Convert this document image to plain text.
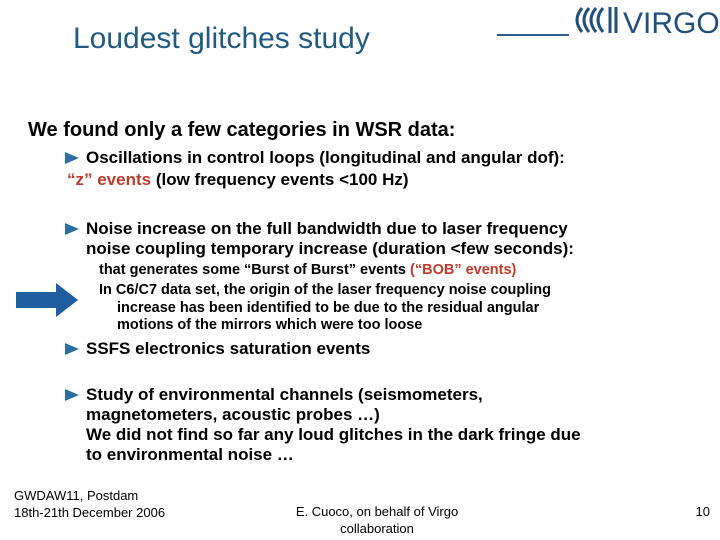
Loudest glitches study	VIRGO
We found only a few categories in WSR data:
Oscillations in control loops (longitudinal and angular dof):
“z” events (low frequency events <100 Hz)
Noise increase on the full bandwidth due to laser frequency
noise coupling temporary increase (duration <few seconds):
that generates some “Burst of Burst” events (“BOB” events)
In C6/C7 data set, the origin of the laser frequency noise coupling
increase has been identified to be due to the residual angular
motions of the mirrors which were too loose
SSFS electronics saturation events
Study of environmental channels (seismometers,
magnetometers, acoustic probes …)
We did not find so far any loud glitches in the dark fringe due
to environmental noise …
GWDAW11, Postdam
18th-21th December 2006	E. Cuoco, on behalf of Virgo
collaboration
10
